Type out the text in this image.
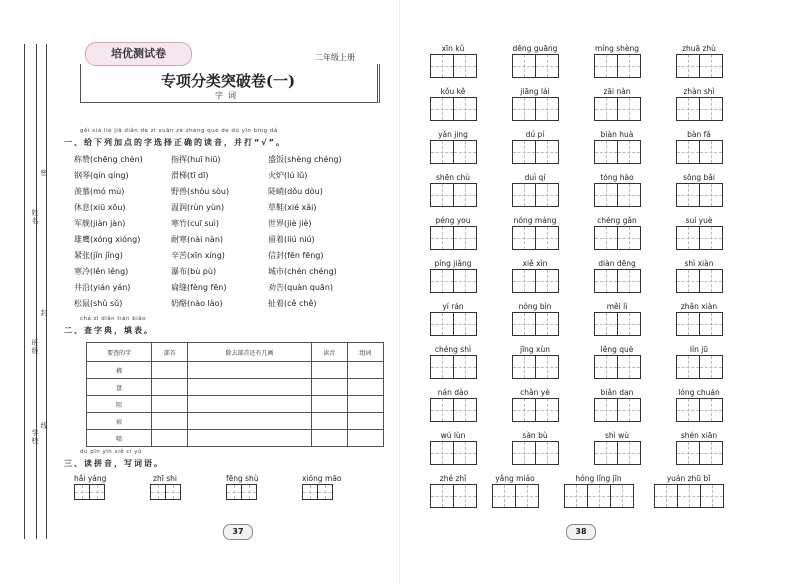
姓名：
班级：
学校：
密
封
线
培优测试卷	二年级上册
专项分类突破卷(一)
字词
gěi xià liè jiā diǎn de zì xuǎn zé zhèng què de dú yīn bìng dǎ
一、给下列加点的字选择正确的读音，并打“√”。
称赞(chēng chèn)	指挥(huī hiū)	盛饭(shèng chéng)
钢琴(qín qíng)	滑梯(tī dī)	火炉(lú lǔ)
羡慕(mó mù)	野兽(shòu sòu)	陡峭(dǒu dòu)
休息(xiū xōu)	温润(rùn yùn)	草鞋(xié xǎi)
军舰(jiàn jàn)	寒竹(cuī suì)	世界(jiè jiè)
雄鹰(xóng xióng)	耐寒(nài nàn)	留着(liú niú)
紧张(jǐn jǐng)	辛苦(xīn xíng)	信封(fēn fēng)
寒冷(lěn lěng)	瀑布(bù pù)	城市(chén chéng)
井沿(yián yán)	扁缝(fèng fēn)	劝告(quàn quān)
松鼠(shǔ sǔ)	奶酪(nào lào)	扯着(cě chě)
chá zì diǎn tián biǎo
二、查字典，填表。
要查的字	部首	除去部首还有几画	读音	组词
梆				
盘				
阻				
宿				
喷				
dú pīn yīn xiě cí yǔ
三、读拼音，写词语。
hǎi yáng	zhī shi	fēng shù	xióng māo
37
xīn kǔ	dēng guāng	míng shèng	zhuā zhù
kǒu kě	jiāng lái	zāi nàn	zhàn shì
yǎn jing	dú pí	biàn huà	bàn fǎ
shēn chù	duì qí	tóng hào	sōng bǎi
péng you	nóng máng	chéng gǎn	suí yuè
píng jiǎng	xiě xìn	diàn dēng	shì xiàn
yí rán	nóng bìn	měi lì	zhǎn xiàn
chéng shì	jīng xùn	lěng què	lín jū
nán dào	chǎn yè	biǎn dan	lóng chuán
wú lùn	sàn bù	shì wù	shén xiān
zhé zhǐ	yǎng miáo	hóng lǐng jīn	yuán zhū bǐ
38
